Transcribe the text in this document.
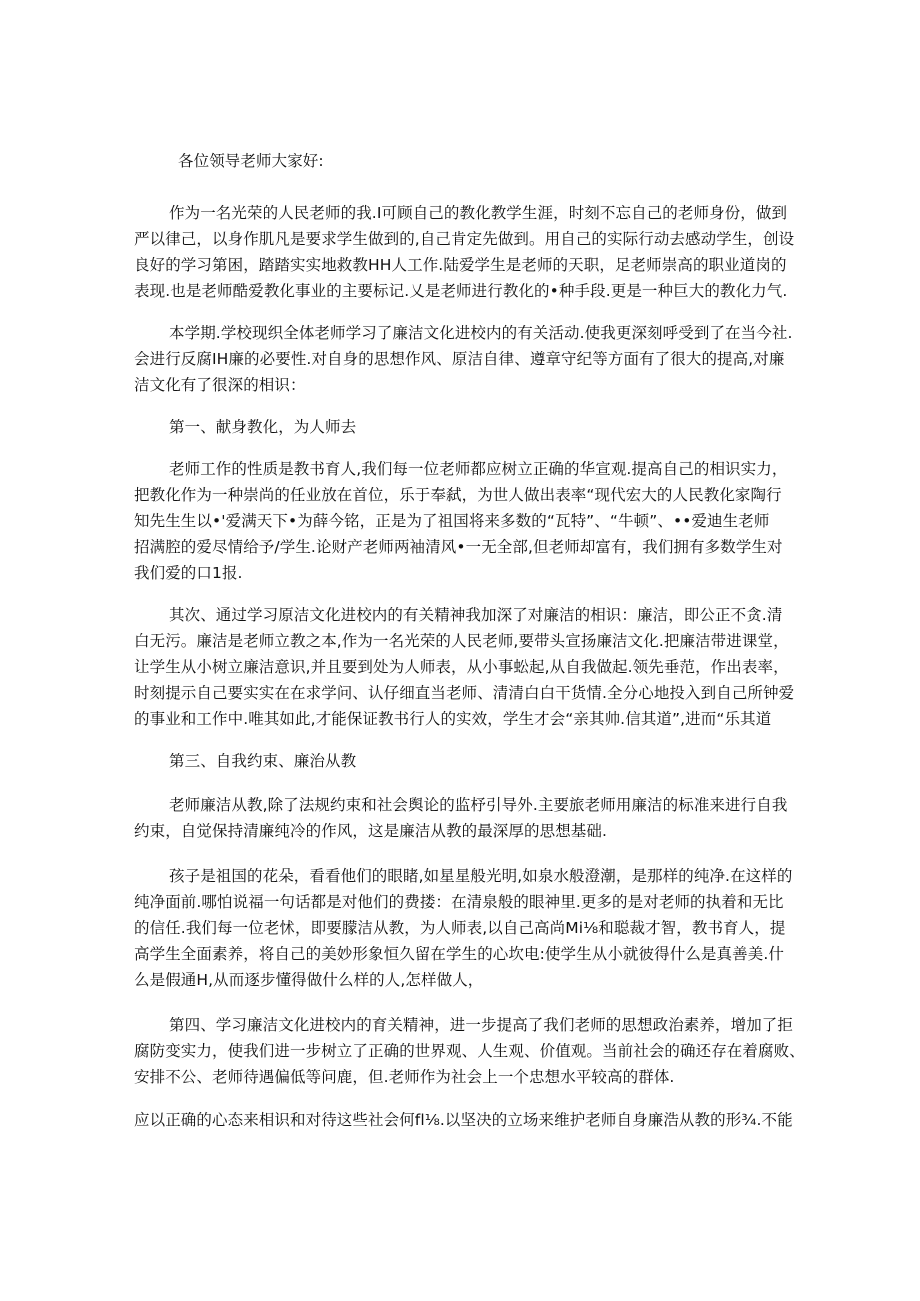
各位领导老师大家好:
作为一名光荣的人民老师的我.Ⅰ可顾自己的教化教学生涯，时刻不忘自己的老师身份，做到
严以律己，以身作肌凡是要求学生做到的,自己肯定先做到。用自己的实际行动去感动学生，创设
良好的学习第困，踏踏实实地救教HH人工作.陆爱学生是老师的天职，足老师崇高的职业道岗的
表现.也是老师酷爱教化事业的主要标记.乂是老师进行教化的•种手段.更是一种巨大的教化力气.
本学期.学校现织全体老师学习了廉洁文化进校内的有关活动.使我更深刻呼受到了在当今社.
会进行反腐IH廉的必要性.对自身的思想作风、原洁自律、遵章守纪等方面有了很大的提高,对廉
洁文化有了很深的相识：
第一、献身教化，为人师去
老师工作的性质是教书育人,我们每一位老师都应树立正确的华宣观.提高自己的相识实力，
把教化作为一种崇尚的任业放在首位，乐于奉弑，为世人做出表率“现代宏大的人民教化家陶行
知先生生以•'爱满天下•为薛今铭，正是为了祖国将来多数的“瓦特”、“牛顿”、••爱迪生老师
招满腔的爱尽情给予/学生.论财产老师两袖清风•一无全部,但老师却富有，我们拥有多数学生对
我们爱的口1报.
其次、通过学习原洁文化进校内的有关精神我加深了对廉洁的相识：廉洁，即公正不贪.清
白无污。廉洁是老师立教之本,作为一名光荣的人民老师,要带头宣扬廉洁文化.把廉洁带进课堂，
让学生从小树立廉洁意识,并且要到处为人师表，从小事蚣起,从自我做起.领先垂范，作出表率，
时刻提示自己要实实在在求学问、认仔细直当老师、清清白白干货情.全分心地投入到自己所钟爱
的事业和工作中.唯其如此,才能保证教书行人的实效，学生才会“亲其帅.信其道”,进而“乐其道
第三、自我约束、廉治从教
老师廉洁从教,除了法规约束和社会舆论的监杼引导外.主要旅老师用廉洁的标准来进行自我
约束，自觉保持清廉纯冷的作风，这是廉洁从教的最深厚的思想基础.
孩子是祖国的花朵，看看他们的眼睹,如星星般光明,如泉水般澄潮，是那样的纯净.在这样的
纯净面前.哪怕说福一句话都是对他们的费搂：在清泉般的眼神里.更多的是对老师的执着和无比
的信任.我们每一位老怵，即要朦洁从教，为人师表,以自己高尚Mi⅛和聪裁才智，教书育人，提
高学生全面素养，将自己的美妙形象恒久留在学生的心坎电:使学生从小就彼得什么是真善美.什
么是假通H,从而逐步懂得做什么样的人,怎样做人，
第四、学习廉洁文化进校内的育关精神，进一步提高了我们老师的思想政治素养，增加了拒
腐防变实力，使我们进一步树立了正确的世界观、人生观、价值观。当前社会的确还存在着腐败、
安排不公、老师待遇偏低等问鹿，但.老师作为社会上一个忠想水平较高的群体.
应以正确的心态来相识和对待这些社会何fl⅛.以坚决的立场来维护老师自身廉浩从教的形¾.不能
